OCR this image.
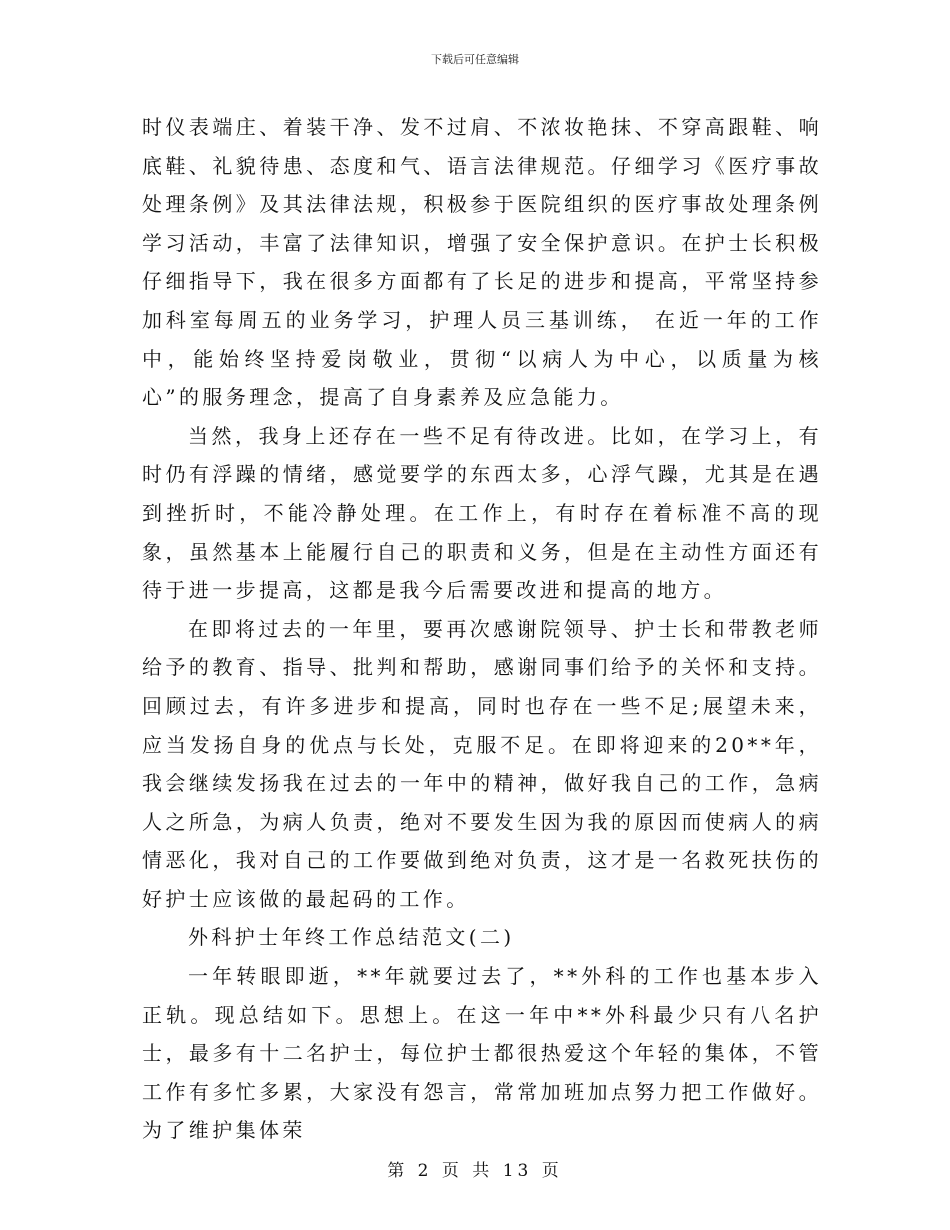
下载后可任意编辑

时仪表端庄、着装干净、发不过肩、不浓妆艳抹、不穿高跟鞋、响底鞋、礼貌待患、态度和气、语言法律规范。仔细学习《医疗事故处理条例》及其法律法规，积极参于医院组织的医疗事故处理条例学习活动，丰富了法律知识，增强了安全保护意识。在护士长积极仔细指导下，我在很多方面都有了长足的进步和提高，平常坚持参加科室每周五的业务学习，护理人员三基训练， 在近一年的工作中，能始终坚持爱岗敬业，贯彻“以病人为中心，以质量为核心”的服务理念，提高了自身素养及应急能力。

当然，我身上还存在一些不足有待改进。比如，在学习上，有时仍有浮躁的情绪，感觉要学的东西太多，心浮气躁，尤其是在遇到挫折时，不能冷静处理。在工作上，有时存在着标准不高的现象，虽然基本上能履行自己的职责和义务，但是在主动性方面还有待于进一步提高，这都是我今后需要改进和提高的地方。

在即将过去的一年里，要再次感谢院领导、护士长和带教老师给予的教育、指导、批判和帮助，感谢同事们给予的关怀和支持。回顾过去，有许多进步和提高，同时也存在一些不足;展望未来，应当发扬自身的优点与长处，克服不足。在即将迎来的20**年，我会继续发扬我在过去的一年中的精神，做好我自己的工作，急病人之所急，为病人负责，绝对不要发生因为我的原因而使病人的病情恶化，我对自己的工作要做到绝对负责，这才是一名救死扶伤的好护士应该做的最起码的工作。

外科护士年终工作总结范文(二)

一年转眼即逝，**年就要过去了，**外科的工作也基本步入正轨。现总结如下。思想上。在这一年中**外科最少只有八名护士，最多有十二名护士，每位护士都很热爱这个年轻的集体，不管工作有多忙多累，大家没有怨言，常常加班加点努力把工作做好。为了维护集体荣

第 2 页 共 13 页
